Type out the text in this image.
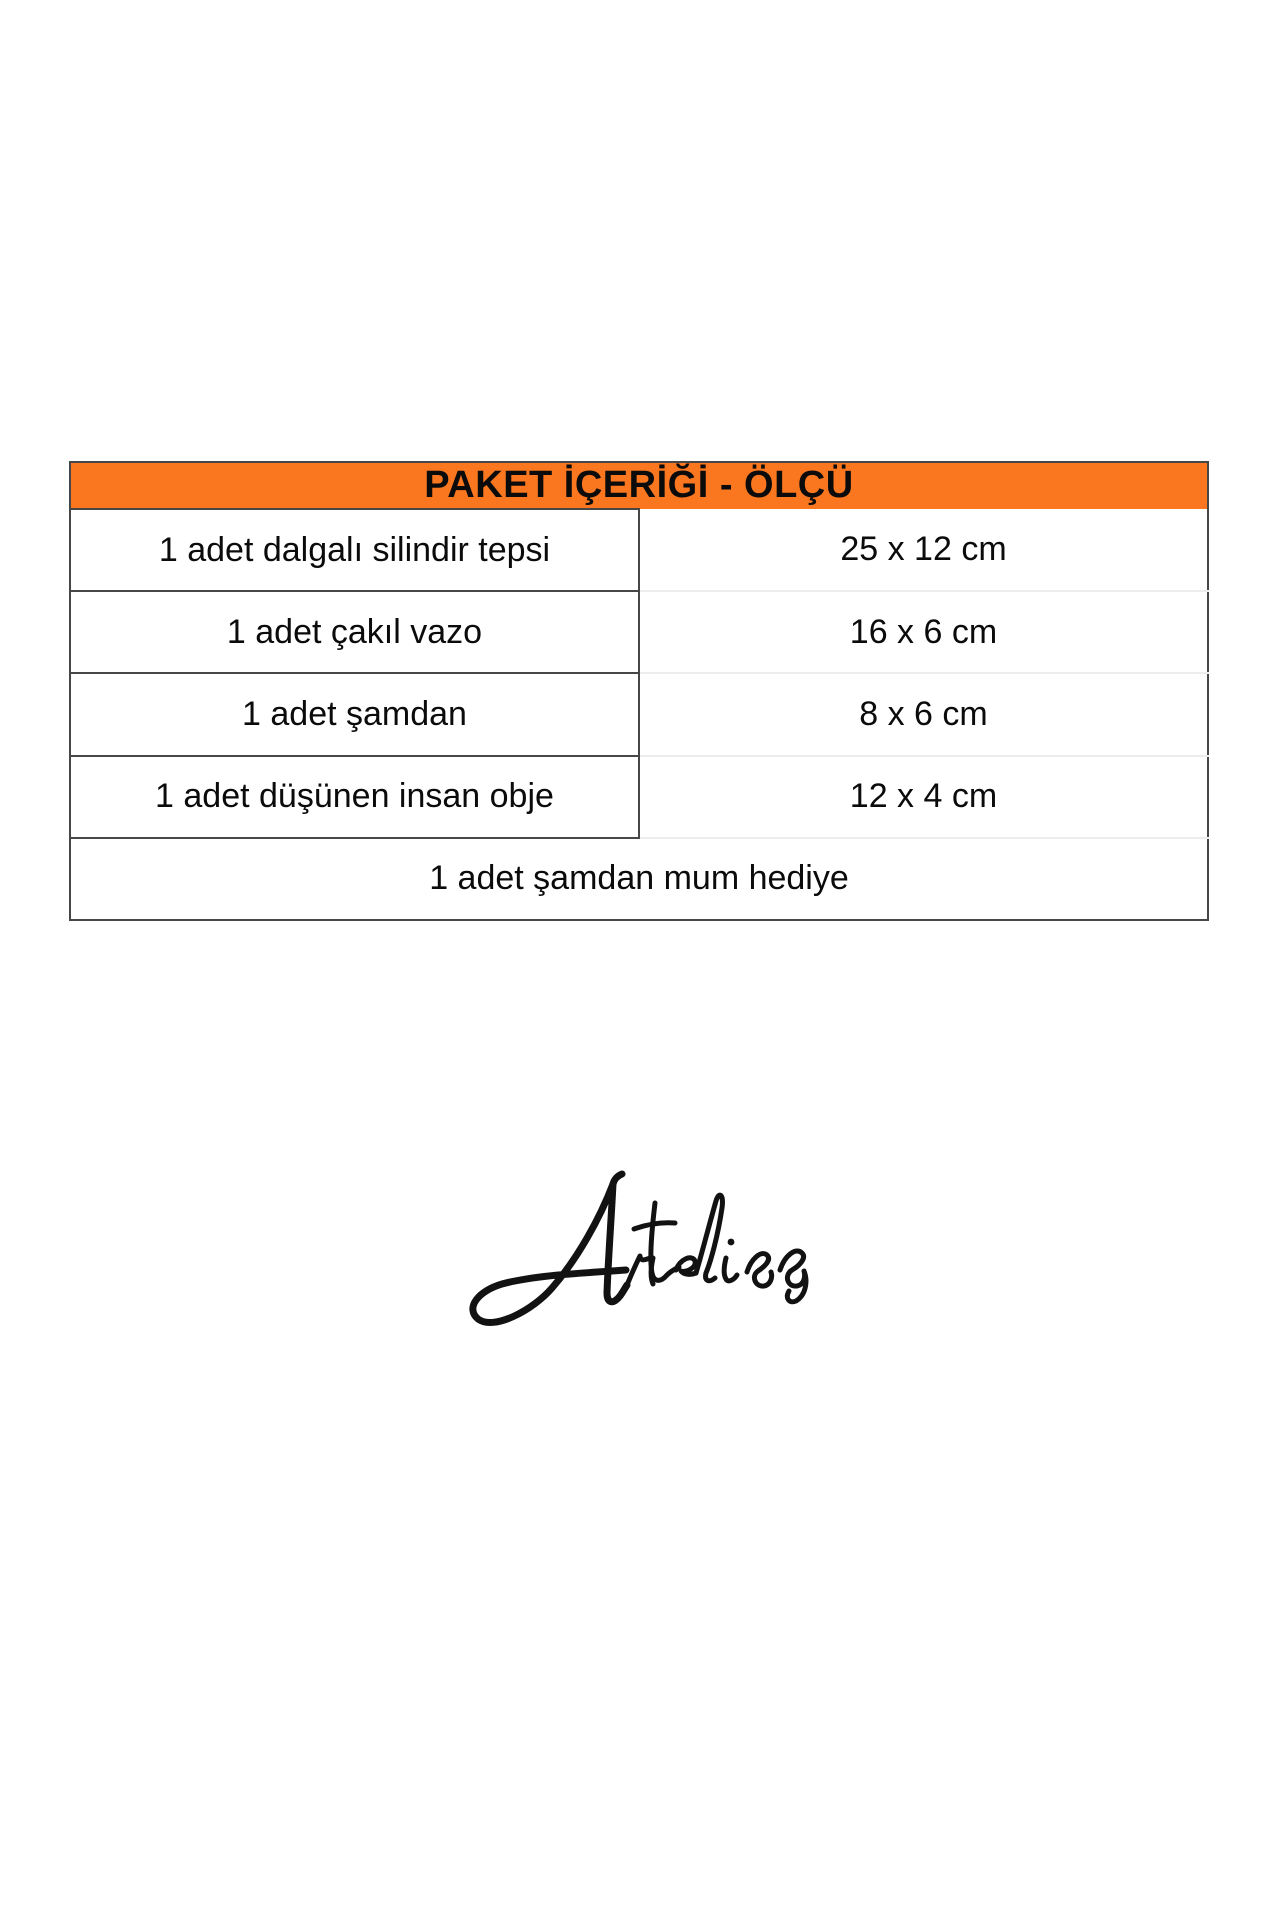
PAKET İÇERİĞİ - ÖLÇÜ	
1 adet dalgalı silindir tepsi	25 x 12 cm
1 adet çakıl vazo	16 x 6 cm
1 adet şamdan	8 x 6 cm
1 adet düşünen insan obje	12 x 4 cm
1 adet şamdan mum hediye	
